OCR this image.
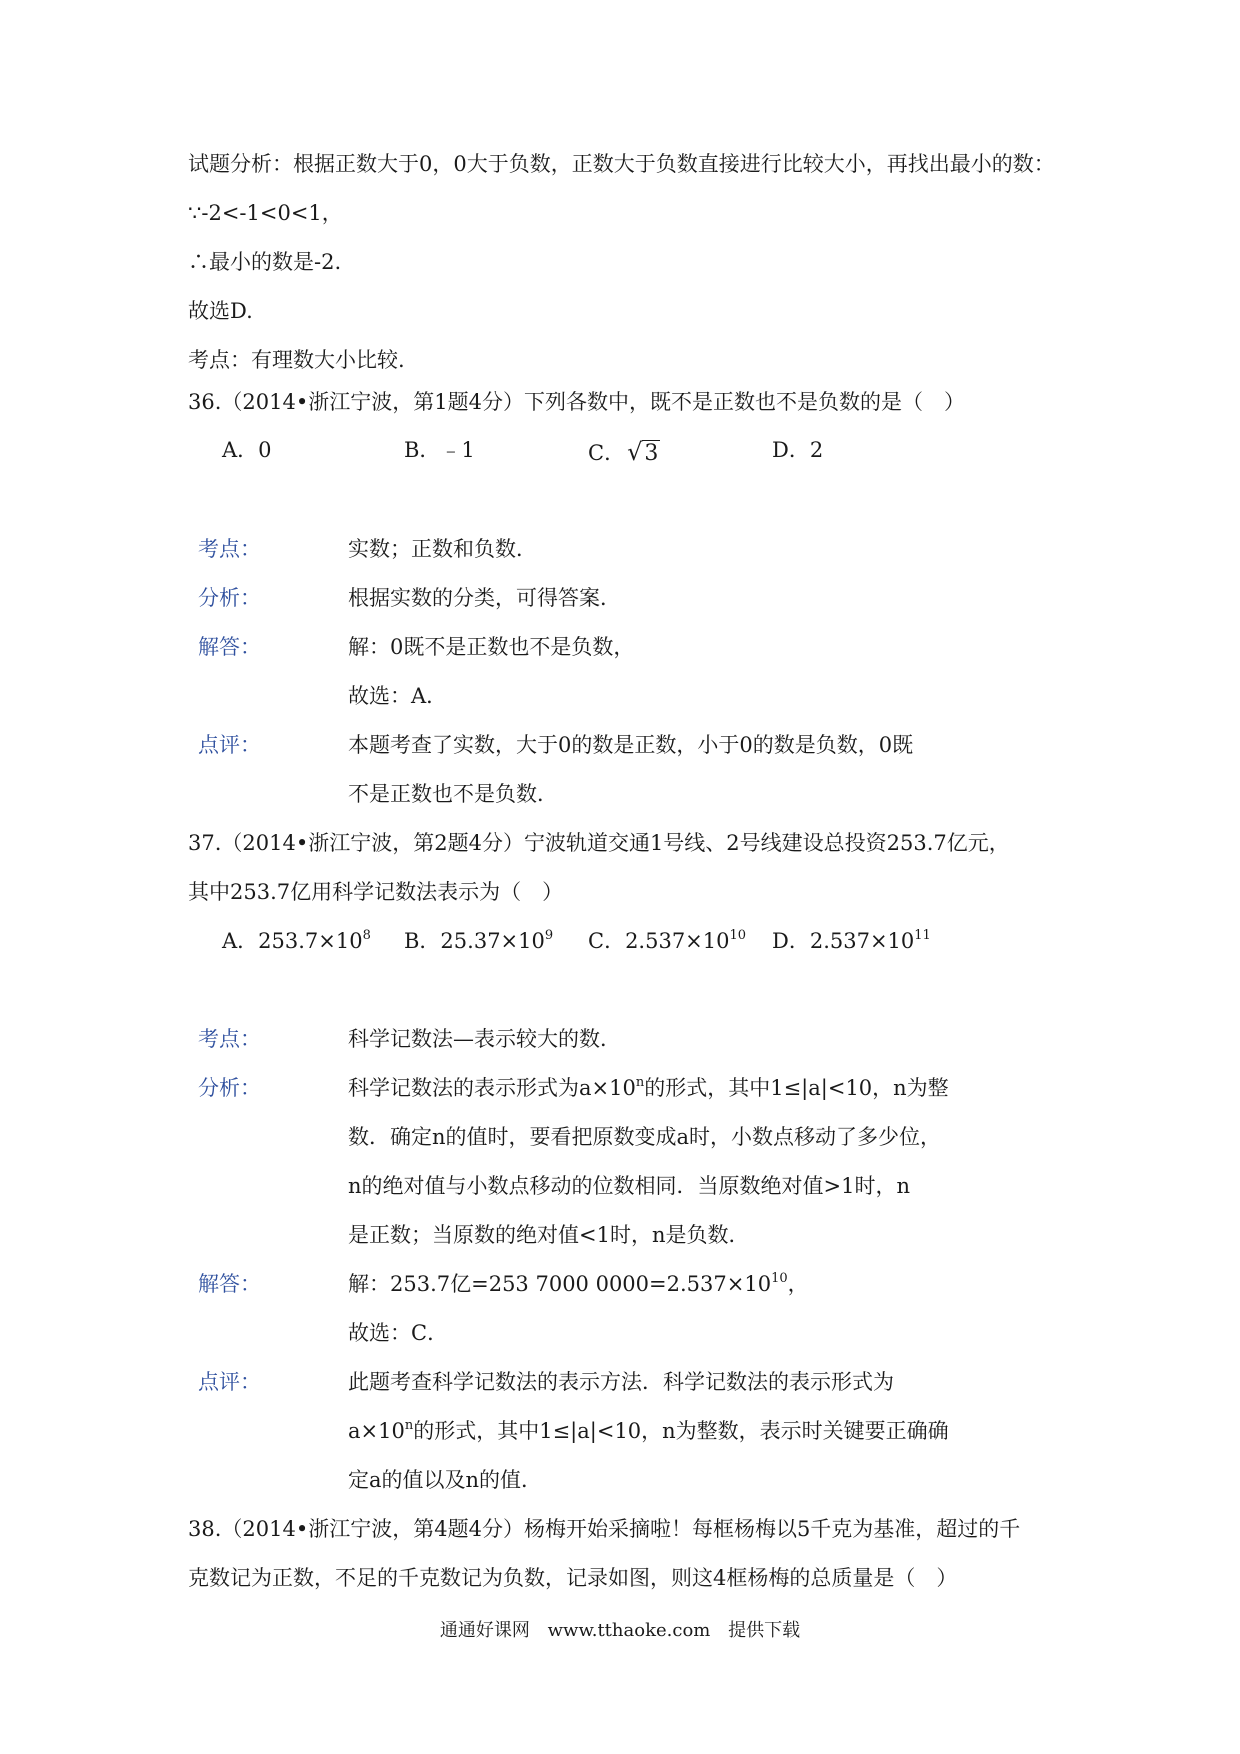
试题分析：根据正数大于0，0大于负数，正数大于负数直接进行比较大小，再找出最小的数：
∵-2<-1<0<1，
∴最小的数是-2.
故选D.
考点：有理数大小比较.
36.（2014•浙江宁波，第1题4分）下列各数中，既不是正数也不是负数的是（　）
A．0	B．﹣1	C．√3	D．2
考点：	实数；正数和负数．
分析：	根据实数的分类，可得答案．
解答：	解：0既不是正数也不是负数，
故选：A．
点评：	本题考查了实数，大于0的数是正数，小于0的数是负数，0既
不是正数也不是负数．
37.（2014•浙江宁波，第2题4分）宁波轨道交通1号线、2号线建设总投资253.7亿元，
其中253.7亿用科学记数法表示为（　）
A．$253.7\times 10^8$ B．$25.37\times 10^9$ C．$2.537\times 10^{10}$ D．$2.537\times 10^{11}$
考点：	科学记数法—表示较大的数．
分析：	科学记数法的表示形式为$a\times 10^n$的形式，其中1≤|a|<10，n为整
数．确定n的值时，要看把原数变成a时，小数点移动了多少位，
n的绝对值与小数点移动的位数相同．当原数绝对值>1时，n
是正数；当原数的绝对值<1时，n是负数．
解答：	解：253.7亿=253 7000 $0000=2.537\times 10^{10}$，
故选：C．
点评：	此题考查科学记数法的表示方法．科学记数法的表示形式为
$a\times 10^n$的形式，其中1≤|a|<10，n为整数，表示时关键要正确确
定a的值以及n的值．
38.（2014•浙江宁波，第4题4分）杨梅开始采摘啦！每框杨梅以5千克为基准，超过的千
克数记为正数，不足的千克数记为负数，记录如图，则这4框杨梅的总质量是（　）
通通好课网 www.tthaoke.com 提供下载
